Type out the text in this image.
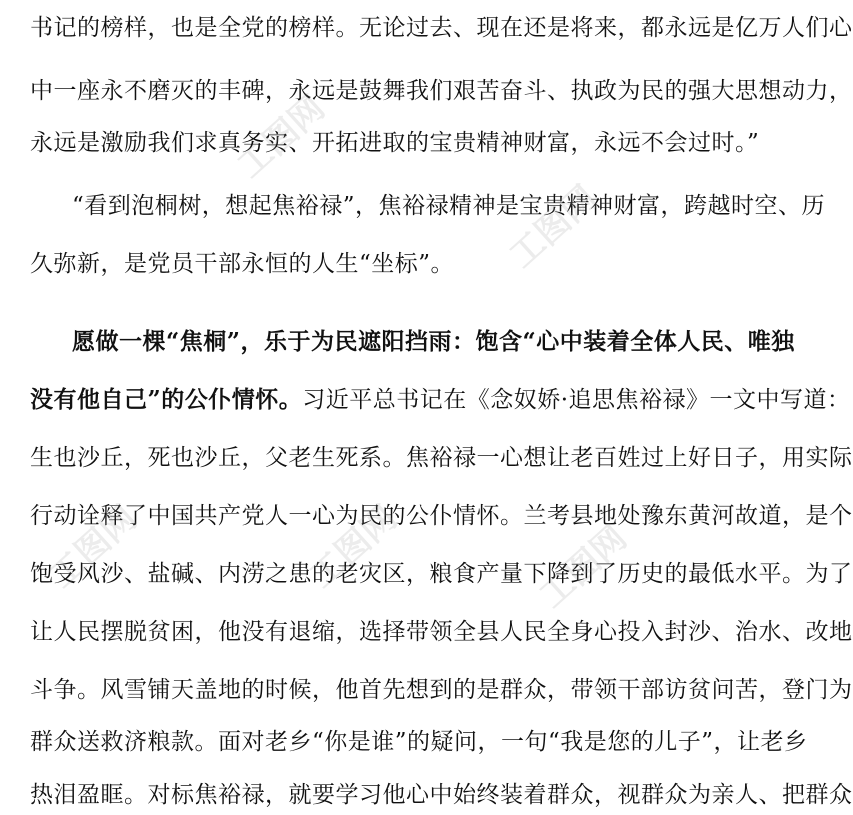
书记的榜样，也是全党的榜样。无论过去、现在还是将来，都永远是亿万人们心
中一座永不磨灭的丰碑，永远是鼓舞我们艰苦奋斗、执政为民的强大思想动力，
永远是激励我们求真务实、开拓进取的宝贵精神财富，永远不会过时。”
“看到泡桐树，想起焦裕禄”，焦裕禄精神是宝贵精神财富，跨越时空、历
久弥新，是党员干部永恒的人生“坐标”。
愿做一棵“焦桐”，乐于为民遮阳挡雨：饱含“心中装着全体人民、唯独
没有他自己”的公仆情怀。习近平总书记在《念奴娇·追思焦裕禄》一文中写道：
生也沙丘，死也沙丘，父老生死系。焦裕禄一心想让老百姓过上好日子，用实际
行动诠释了中国共产党人一心为民的公仆情怀。兰考县地处豫东黄河故道，是个
饱受风沙、盐碱、内涝之患的老灾区，粮食产量下降到了历史的最低水平。为了
让人民摆脱贫困，他没有退缩，选择带领全县人民全身心投入封沙、治水、改地
斗争。风雪铺天盖地的时候，他首先想到的是群众，带领干部访贫问苦，登门为
群众送救济粮款。面对老乡“你是谁”的疑问，一句“我是您的儿子”，让老乡
热泪盈眶。对标焦裕禄，就要学习他心中始终装着群众，视群众为亲人、把群众
工图网
工图网
工图网	工图网	工图网
